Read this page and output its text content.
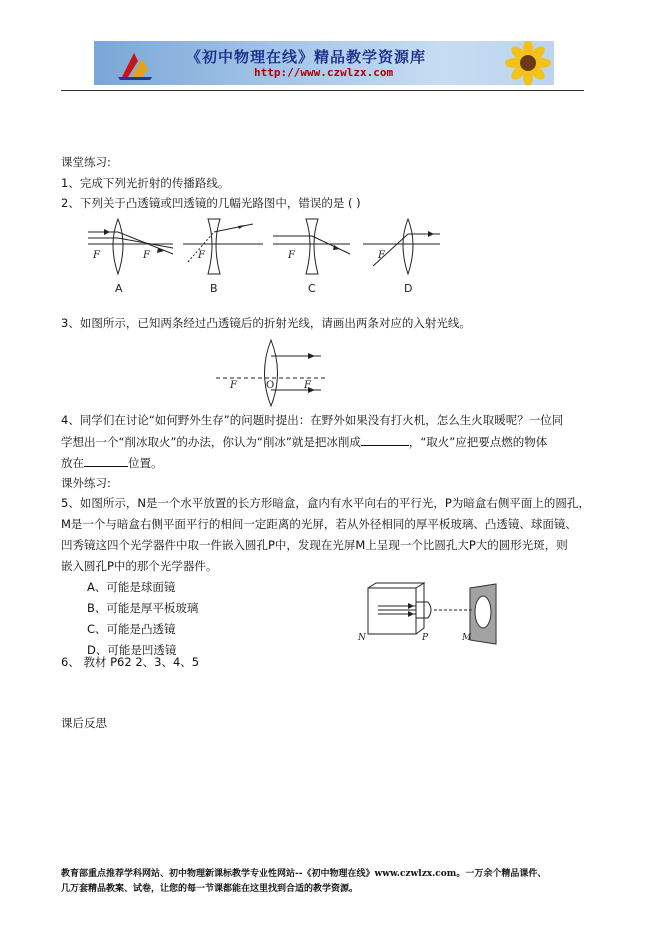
《初中物理在线》精品教学资源库
http://www.czwlzx.com
课堂练习:
1、完成下列光折射的传播路线。
2、下列关于凸透镜或凹透镜的几幅光路图中，错误的是 ( )
F	F	F	F	F
A	B	C	D
3、如图所示，已知两条经过凸透镜后的折射光线，请画出两条对应的入射光线。
F	O	F
4、同学们在讨论“如何野外生存”的问题时提出：在野外如果没有打火机，怎么生火取暖呢？一位同
学想出一个“削冰取火”的办法，你认为“削冰”就是把冰削成	，“取火”应把要点燃的物体
放在	位置。
课外练习:
5、如图所示，N是一个水平放置的长方形暗盒，盒内有水平向右的平行光，P为暗盒右侧平面上的圆孔，
M是一个与暗盒右侧平面平行的相间一定距离的光屏，若从外径相同的厚平板玻璃、凸透镜、球面镜、
凹秀镜这四个光学器件中取一件嵌入圆孔P中，发现在光屏M上呈现一个比圆孔大P大的圆形光斑，则
嵌入圆孔P中的那个光学器件。
A、可能是球面镜
B、可能是厚平板玻璃
C、可能是凸透镜
D、可能是凹透镜
N	P	M
6、 教材 P62 2、3、4、5
课后反思
教育部重点推荐学科网站、初中物理新课标教学专业性网站--《初中物理在线》www.czwlzx.com。一万余个精品课件、
几万套精品教案、试卷，让您的每一节课都能在这里找到合适的教学资源。
